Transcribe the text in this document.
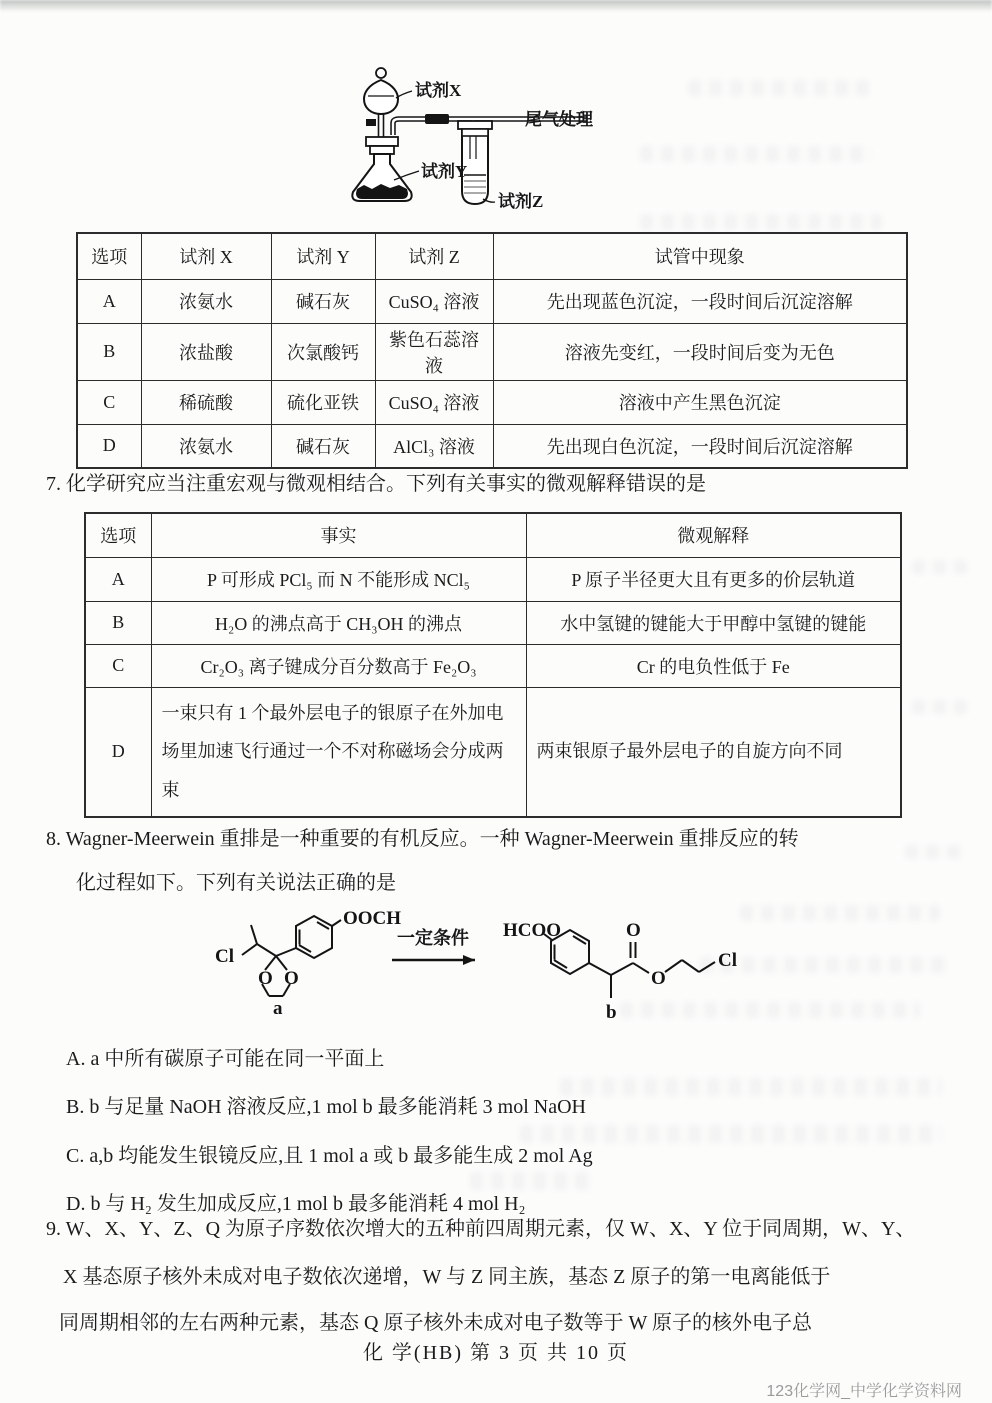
试剂X
试剂Y
试剂Z
尾气处理
选项	试剂 X	试剂 Y	试剂 Z	试管中现象
A	浓氨水	碱石灰	CuSO₄ 溶液	先出现蓝色沉淀，一段时间后沉淀溶解
B	浓盐酸	次氯酸钙	紫色石蕊溶液	溶液先变红，一段时间后变为无色
C	稀硫酸	硫化亚铁	CuSO₄ 溶液	溶液中产生黑色沉淀
D	浓氨水	碱石灰	AlCl₃ 溶液	先出现白色沉淀，一段时间后沉淀溶解
7. 化学研究应当注重宏观与微观相结合。下列有关事实的微观解释错误的是
选项	事实	微观解释
A	P 可形成 PCl₅ 而 N 不能形成 NCl₅	P 原子半径更大且有更多的价层轨道
B	H₂O 的沸点高于 CH₃OH 的沸点	水中氢键的键能大于甲醇中氢键的键能
C	Cr₂O₃ 离子键成分百分数高于 Fe₂O₃	Cr 的电负性低于 Fe
D	一束只有 1 个最外层电子的银原子在外加电场里加速飞行通过一个不对称磁场会分成两束	两束银原子最外层电子的自旋方向不同
8. Wagner-Meerwein 重排是一种重要的有机反应。一种 Wagner-Meerwein 重排反应的转
化过程如下。下列有关说法正确的是
Cl
O O
OOCH
a
一定条件 HCOO	O
O
Cl
b
A. a 中所有碳原子可能在同一平面上
B. b 与足量 NaOH 溶液反应,1 mol b 最多能消耗 3 mol NaOH
C. a,b 均能发生银镜反应,且 1 mol a 或 b 最多能生成 2 mol Ag
D. b 与 H₂ 发生加成反应,1 mol b 最多能消耗 4 mol H₂
9. W、X、Y、Z、Q 为原子序数依次增大的五种前四周期元素，仅 W、X、Y 位于同周期，W、Y、
X 基态原子核外未成对电子数依次递增，W 与 Z 同主族，基态 Z 原子的第一电离能低于
同周期相邻的左右两种元素，基态 Q 原子核外未成对电子数等于 W 原子的核外电子总
化 学(HB) 第 3 页 共 10 页
123化学网_中学化学资料网
